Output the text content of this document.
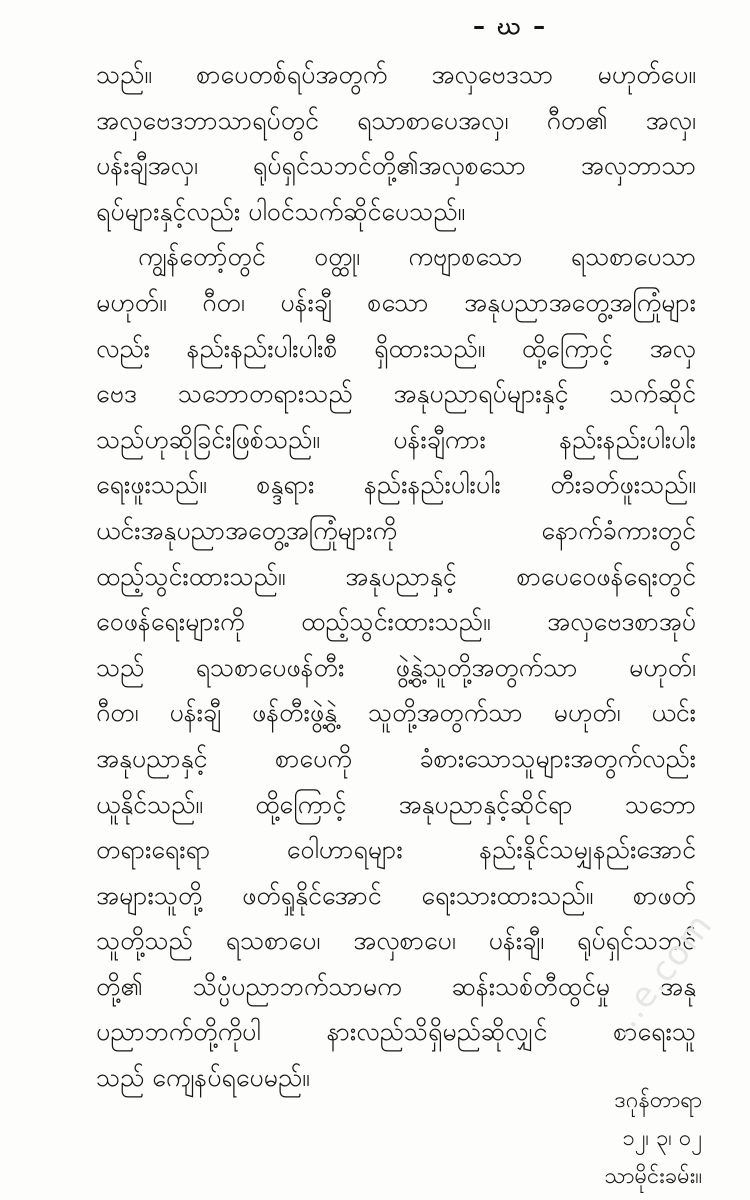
– ဃ –
သည်။ စာပေတစ်ရပ်အတွက် အလှဗေဒသာ မဟုတ်ပေ။
အလှဗေဒဘာသာရပ်တွင် ရသာစာပေအလှ၊ ဂီတ၏ အလှ၊
ပန်းချီအလှ၊ ရုပ်ရှင်သဘင်တို့၏အလှစသော အလှဘာသာ
ရပ်များနှင့်လည်း ပါဝင်သက်ဆိုင်ပေသည်။
ကျွန်တော့်တွင် ဝတ္ထု၊ ကဗျာစသော ရသစာပေသာ
မဟုတ်။ ဂီတ၊ ပန်းချီ စသော အနုပညာအတွေ့အကြုံများ
လည်း နည်းနည်းပါးပါးစီ ရှိထားသည်။ ထို့ကြောင့် အလှ
ဗေဒ သဘောတရားသည် အနုပညာရပ်များနှင့် သက်ဆိုင်
သည်ဟုဆိုခြင်းဖြစ်သည်။ ပန်းချီကား နည်းနည်းပါးပါး
ရေးဖူးသည်။ စန္ဒရား နည်းနည်းပါးပါး တီးခတ်ဖူးသည်။
ယင်းအနုပညာအတွေ့အကြုံများကို နောက်ခံကားတွင်
ထည့်သွင်းထားသည်။ အနုပညာနှင့် စာပေဝေဖန်ရေးတွင်
ဝေဖန်ရေးများကို ထည့်သွင်းထားသည်။ အလှဗေဒစာအုပ်
သည် ရသစာပေဖန်တီး ဖွဲ့နွဲ့သူတို့အတွက်သာ မဟုတ်၊
ဂီတ၊ ပန်းချီ ဖန်တီးဖွဲ့နွဲ့ သူတို့အတွက်သာ မဟုတ်၊ ယင်း
အနုပညာနှင့် စာပေကို ခံစားသောသူများအတွက်လည်း
ယူနိုင်သည်။ ထို့ကြောင့် အနုပညာနှင့်ဆိုင်ရာ သဘော
တရားရေးရာ ဝေါဟာရများ နည်းနိုင်သမျှနည်းအောင်
အများသူတို့ ဖတ်ရှုနိုင်အောင် ရေးသားထားသည်။ စာဖတ်
သူတို့သည် ရသစာပေ၊ အလှစာပေ၊ ပန်းချီ၊ ရုပ်ရှင်သဘင်
တို့၏ သိပ္ပံပညာဘက်သာမက ဆန်းသစ်တီထွင်မှု အနု
ပညာဘက်တို့ကိုပါ နားလည်သိရှိမည်ဆိုလျှင် စာရေးသူ
သည် ကျေနပ်ရပေမည်။
...e.com
ဒဂုန်တာရာ
၁၂၊ ၃၊ ၀၂
သာမိုင်းခမ်း။
